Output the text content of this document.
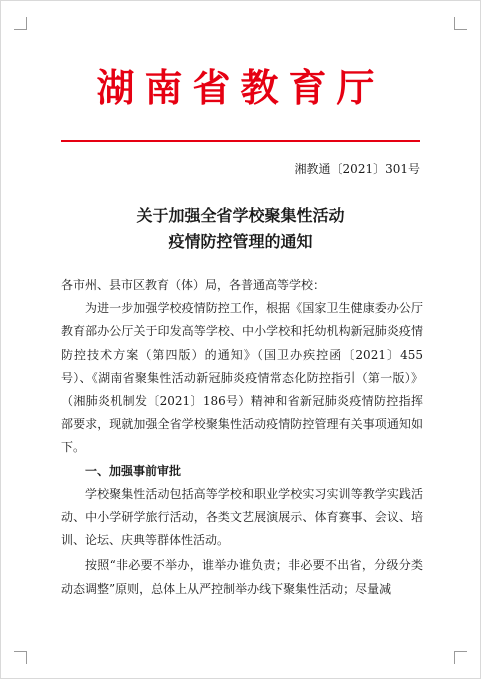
湖南省教育厅
湘教通〔2021〕301号
关于加强全省学校聚集性活动
疫情防控管理的通知

各市州、县市区教育（体）局，各普通高等学校：

为进一步加强学校疫情防控工作，根据《国家卫生健康委办公厅 教育部办公厅关于印发高等学校、中小学校和托幼机构新冠肺炎疫情防控技术方案（第四版）的通知》（国卫办疾控函〔2021〕455号）、《湖南省聚集性活动新冠肺炎疫情常态化防控指引（第一版）》（湘肺炎机制发〔2021〕186号）精神和省新冠肺炎疫情防控指挥部要求，现就加强全省学校聚集性活动疫情防控管理有关事项通知如下。

一、加强事前审批

学校聚集性活动包括高等学校和职业学校实习实训等教学实践活动、中小学研学旅行活动，各类文艺展演展示、体育赛事、会议、培训、论坛、庆典等群体性活动。

按照“非必要不举办，谁举办谁负责；非必要不出省，分级分类动态调整”原则，总体上从严控制举办线下聚集性活动；尽量减
